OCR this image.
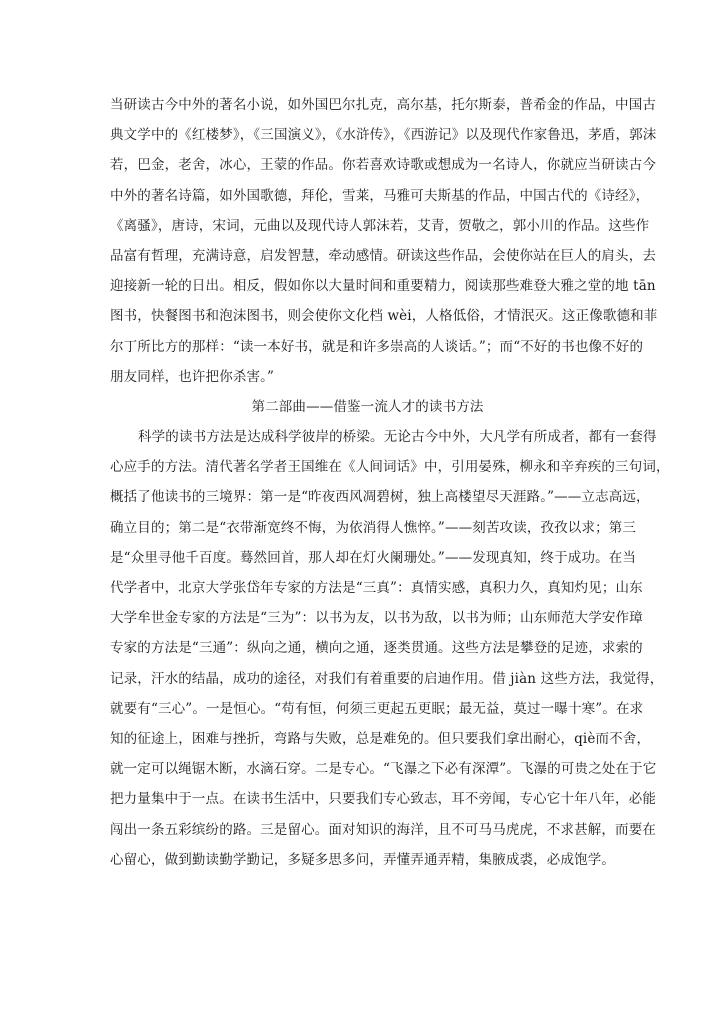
当研读古今中外的著名小说，如外国巴尔扎克，高尔基，托尔斯泰，普希金的作品，中国古
典文学中的《红楼梦》，《三国演义》，《水浒传》，《西游记》以及现代作家鲁迅，茅盾，郭沫
若，巴金，老舍，冰心，王蒙的作品。你若喜欢诗歌或想成为一名诗人，你就应当研读古今
中外的著名诗篇，如外国歌德，拜伦，雪莱，马雅可夫斯基的作品，中国古代的《诗经》，
《离骚》，唐诗，宋词，元曲以及现代诗人郭沫若，艾青，贺敬之，郭小川的作品。这些作
品富有哲理，充满诗意，启发智慧，牵动感情。研读这些作品，会使你站在巨人的肩头，去
迎接新一轮的日出。相反，假如你以大量时间和重要精力，阅读那些难登大雅之堂的地 tān
图书，快餐图书和泡沫图书，则会使你文化档 wèi，人格低俗，才情泯灭。这正像歌德和菲
尔丁所比方的那样：“读一本好书，就是和许多崇高的人谈话。”；而“不好的书也像不好的
朋友同样，也许把你杀害。”
第二部曲——借鉴一流人才的读书方法
科学的读书方法是达成科学彼岸的桥梁。无论古今中外，大凡学有所成者，都有一套得
心应手的方法。清代著名学者王国维在《人间词话》中，引用晏殊，柳永和辛弃疾的三句词，
概括了他读书的三境界：第一是“昨夜西风凋碧树，独上高楼望尽天涯路。”——立志高远，
确立目的；第二是“衣带渐宽终不悔，为依消得人憔悴。”——刻苦攻读，孜孜以求；第三
是“众里寻他千百度。蓦然回首，那人却在灯火阑珊处。”——发现真知，终于成功。在当
代学者中，北京大学张岱年专家的方法是“三真”：真情实感，真积力久，真知灼见；山东
大学牟世金专家的方法是“三为”：以书为友，以书为敌，以书为师；山东师范大学安作璋
专家的方法是“三通”：纵向之通，横向之通，逐类贯通。这些方法是攀登的足迹，求索的
记录，汗水的结晶，成功的途径，对我们有着重要的启迪作用。借 jiàn 这些方法，我觉得，
就要有“三心”。一是恒心。“苟有恒，何须三更起五更眠；最无益，莫过一曝十寒”。在求
知的征途上，困难与挫折，弯路与失败，总是难免的。但只要我们拿出耐心，qiè而不舍，
就一定可以绳锯木断，水滴石穿。二是专心。“飞瀑之下必有深潭”。飞瀑的可贵之处在于它
把力量集中于一点。在读书生活中，只要我们专心致志，耳不旁闻，专心它十年八年，必能
闯出一条五彩缤纷的路。三是留心。面对知识的海洋，且不可马马虎虎，不求甚解，而要在
心留心，做到勤读勤学勤记，多疑多思多问，弄懂弄通弄精，集腋成裘，必成饱学。
